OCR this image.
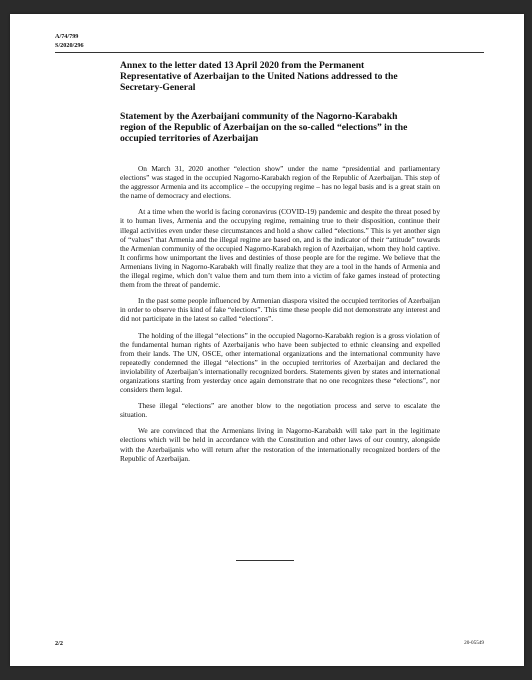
A/74/799
S/2020/296
Annex to the letter dated 13 April 2020 from the Permanent Representative of Azerbaijan to the United Nations addressed to the Secretary-General
Statement by the Azerbaijani community of the Nagorno-Karabakh region of the Republic of Azerbaijan on the so-called “elections” in the occupied territories of Azerbaijan

On March 31, 2020 another “election show” under the name “presidential and parliamentary elections” was staged in the occupied Nagorno-Karabakh region of the Republic of Azerbaijan. This step of the aggressor Armenia and its accomplice – the occupying regime – has no legal basis and is a great stain on the name of democracy and elections.

At a time when the world is facing coronavirus (COVID-19) pandemic and despite the threat posed by it to human lives, Armenia and the occupying regime, remaining true to their disposition, continue their illegal activities even under these circumstances and hold a show called “elections.” This is yet another sign of “values” that Armenia and the illegal regime are based on, and is the indicator of their “attitude” towards the Armenian community of the occupied Nagorno-Karabakh region of Azerbaijan, whom they hold captive. It confirms how unimportant the lives and destinies of those people are for the regime. We believe that the Armenians living in Nagorno-Karabakh will finally realize that they are a tool in the hands of Armenia and the illegal regime, which don’t value them and turn them into a victim of fake games instead of protecting them from the threat of pandemic.

In the past some people influenced by Armenian diaspora visited the occupied territories of Azerbaijan in order to observe this kind of fake “elections”. This time these people did not demonstrate any interest and did not participate in the latest so called “elections”.

The holding of the illegal “elections” in the occupied Nagorno-Karabakh region is a gross violation of the fundamental human rights of Azerbaijanis who have been subjected to ethnic cleansing and expelled from their lands. The UN, OSCE, other international organizations and the international community have repeatedly condemned the illegal “elections” in the occupied territories of Azerbaijan and declared the inviolability of Azerbaijan’s internationally recognized borders. Statements given by states and international organizations starting from yesterday once again demonstrate that no one recognizes these “elections”, nor considers them legal.

These illegal “elections” are another blow to the negotiation process and serve to escalate the situation.

We are convinced that the Armenians living in Nagorno-Karabakh will take part in the legitimate elections which will be held in accordance with the Constitution and other laws of our country, alongside with the Azerbaijanis who will return after the restoration of the internationally recognized borders of the Republic of Azerbaijan.

2/2	20-05549
